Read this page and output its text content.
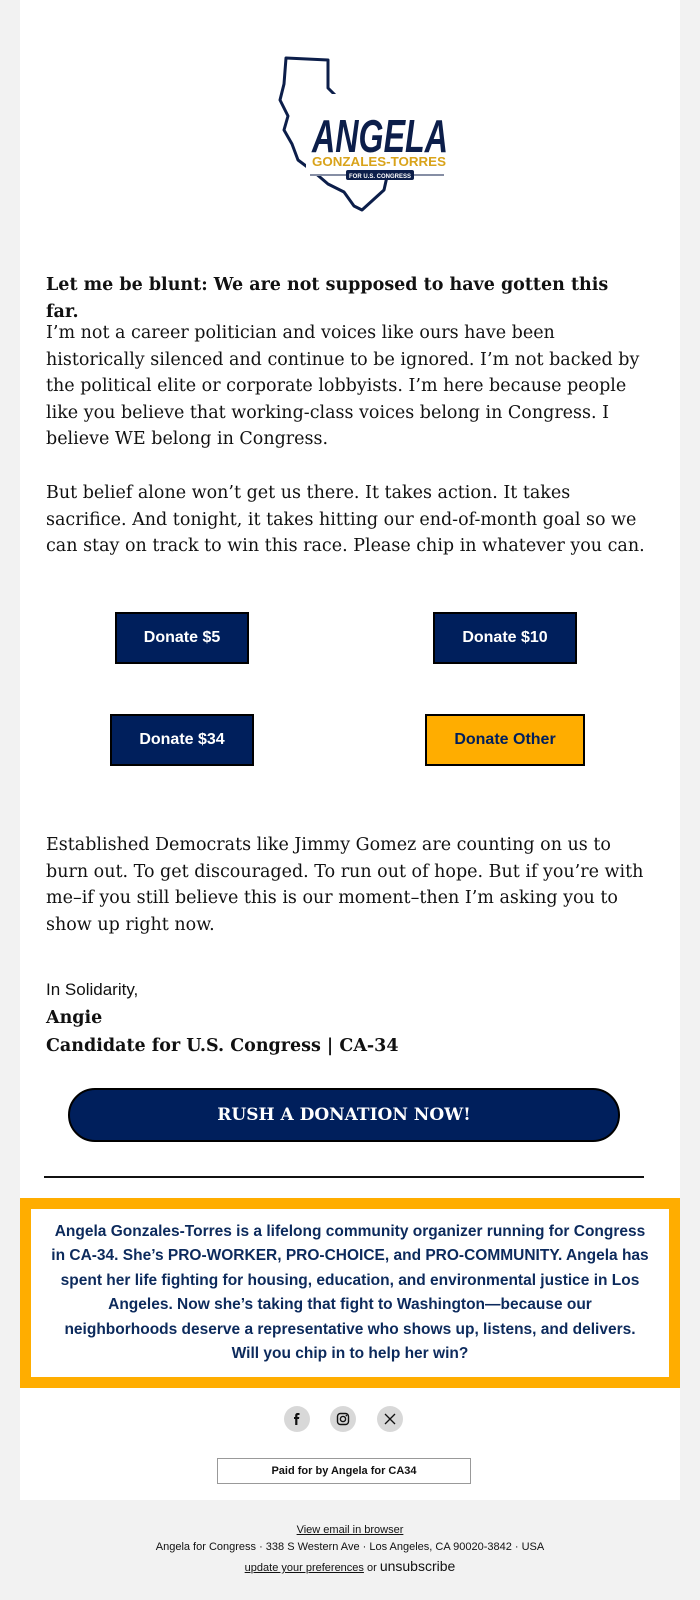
ANGELA
GONZALES-TORRES
FOR U.S. CONGRESS

Let me be blunt: We are not supposed to have gotten this far.

I’m not a career politician and voices like ours have been historically silenced and continue to be ignored. I’m not backed by the political elite or corporate lobbyists. I’m here because people like you believe that working-class voices belong in Congress. I believe WE belong in Congress.

But belief alone won’t get us there. It takes action. It takes sacrifice. And tonight, it takes hitting our end-of-month goal so we can stay on track to win this race. Please chip in whatever you can.

Donate $5	Donate $10
Donate $34	Donate Other

Established Democrats like Jimmy Gomez are counting on us to burn out. To get discouraged. To run out of hope. But if you’re with me–if you still believe this is our moment–then I’m asking you to show up right now.

In Solidarity,

Angie

Candidate for U.S. Congress | CA-34

RUSH A DONATION NOW!

Angela Gonzales-Torres is a lifelong community organizer running for Congress in CA-34. She’s PRO-WORKER, PRO-CHOICE, and PRO-COMMUNITY. Angela has spent her life fighting for housing, education, and environmental justice in Los Angeles. Now she’s taking that fight to Washington—because our neighborhoods deserve a representative who shows up, listens, and delivers. Will you chip in to help her win?

Paid for by Angela for CA34
View email in browser
Angela for Congress · 338 S Western Ave · Los Angeles, CA 90020-3842 · USA
update your preferences or unsubscribe
